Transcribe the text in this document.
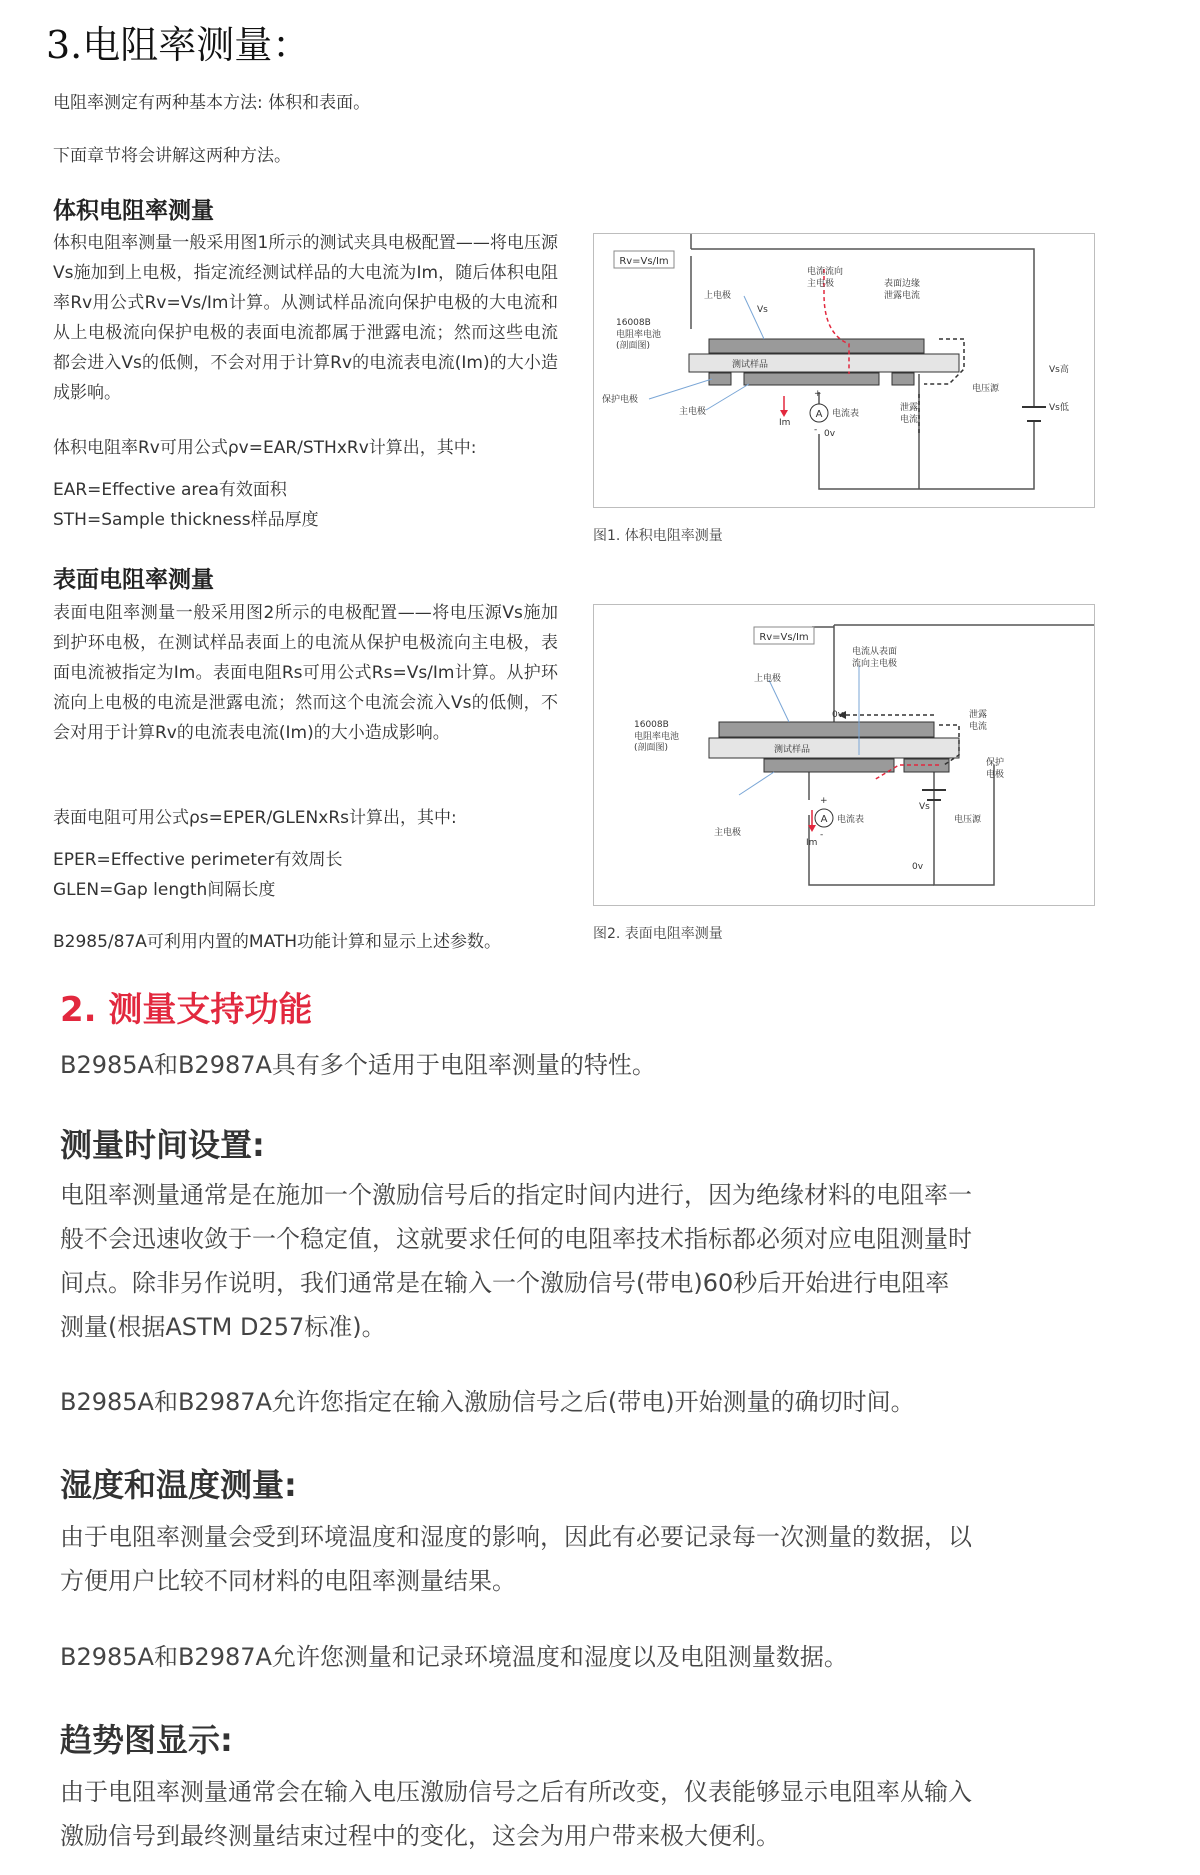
3.电阻率测量：
电阻率测定有两种基本方法: 体积和表面。
下面章节将会讲解这两种方法。
体积电阻率测量
体积电阻率测量一般采用图1所示的测试夹具电极配置——将电压源Vs施加到上电极，指定流经测试样品的大电流为Im，随后体积电阻率Rv用公式Rv=Vs/Im计算。从测试样品流向保护电极的大电流和从上电极流向保护电极的表面电流都属于泄露电流；然而这些电流都会进入Vs的低侧，不会对用于计算Rv的电流表电流(Im)的大小造成影响。
体积电阻率Rv可用公式ρv=EAR/STHxRv计算出，其中:
EAR=Effective area有效面积
STH=Sample thickness样品厚度
Rv=Vs/Im
A
上电极
电流流向
主电极	表面边缘
泄露电流
16008B
电阻率电池
(剖面图)
Vs
测试样品
保护电极
主电极
Im
电流表
+
- 0v
泄露
电流
电压源
Vs高
Vs低
图1. 体积电阻率测量
表面电阻率测量
表面电阻率测量一般采用图2所示的电极配置——将电压源Vs施加到护环电极，在测试样品表面上的电流从保护电极流向主电极，表面电流被指定为Im。表面电阻Rs可用公式Rs=Vs/Im计算。从护环流向上电极的电流是泄露电流；然而这个电流会流入Vs的低侧，不会对用于计算Rv的电流表电流(Im)的大小造成影响。
表面电阻可用公式ρs=EPER/GLENxRs计算出，其中:
EPER=Effective perimeter有效周长
GLEN=Gap length间隔长度
B2985/87A可利用内置的MATH功能计算和显示上述参数。
Rv=Vs/Im
A
电流从表面
流向主电极
上电极
0v	泄露
电流
16008B
电阻率电池
(剖面图)	测试样品
保护
电极
Vs
主电极
电流表	电压源
Im
+
-
0v
图2. 表面电阻率测量
2. 测量支持功能
B2985A和B2987A具有多个适用于电阻率测量的特性。
测量时间设置:
电阻率测量通常是在施加一个激励信号后的指定时间内进行，因为绝缘材料的电阻率一
般不会迅速收敛于一个稳定值，这就要求任何的电阻率技术指标都必须对应电阻测量时
间点。除非另作说明，我们通常是在输入一个激励信号(带电)60秒后开始进行电阻率
测量(根据ASTM D257标准)。
B2985A和B2987A允许您指定在输入激励信号之后(带电)开始测量的确切时间。
湿度和温度测量:
由于电阻率测量会受到环境温度和湿度的影响，因此有必要记录每一次测量的数据，以
方便用户比较不同材料的电阻率测量结果。
B2985A和B2987A允许您测量和记录环境温度和湿度以及电阻测量数据。
趋势图显示:
由于电阻率测量通常会在输入电压激励信号之后有所改变，仪表能够显示电阻率从输入
激励信号到最终测量结束过程中的变化，这会为用户带来极大便利。
